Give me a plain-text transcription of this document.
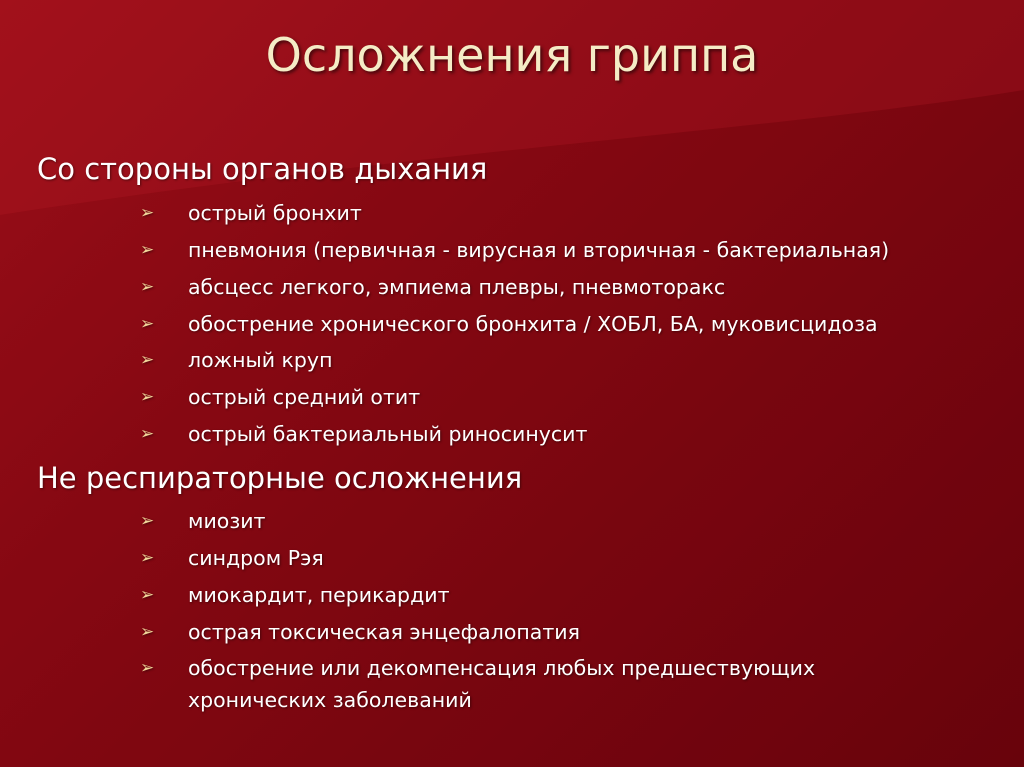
Осложнения гриппа
Со стороны органов дыхания
➢ острый бронхит
➢ пневмония (первичная - вирусная и вторичная - бактериальная)
➢ абсцесс легкого, эмпиема плевры, пневмоторакс
➢ обострение хронического бронхита / ХОБЛ, БА, муковисцидоза
➢ ложный круп
➢ острый средний отит
➢ острый бактериальный риносинусит
Не респираторные осложнения
➢ миозит
➢ синдром Рэя
➢ миокардит, перикардит
➢ острая токсическая энцефалопатия
➢ обострение или декомпенсация любых предшествующих
хронических заболеваний
